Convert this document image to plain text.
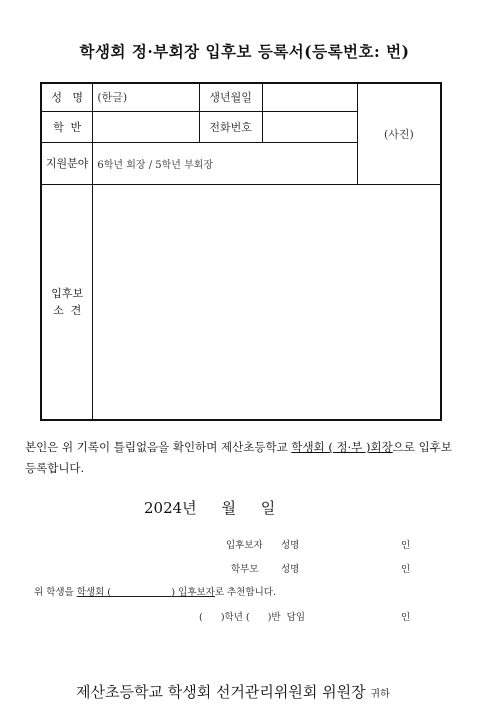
학생회 정·부회장 입후보 등록서(등록번호: 번)
성   명	(한글)	생년월일		(사진)
학  반		전화번호		
지원분야	6학년 회장 / 5학년 부회장			

입후보
소  견				

본인은 위 기록이 틀림없음을 확인하며 제산초등학교 학생회 ( 정·부 )회장으로 입후보 등록합니다.
2024년 월 일
입후보자 성명	인
학부모 성명	인
위 학생을 학생회 (	) 입후보자로 추천합니다.
(      )학년 (      )반  담임	인
제산초등학교 학생회 선거관리위원회 위원장 귀하
